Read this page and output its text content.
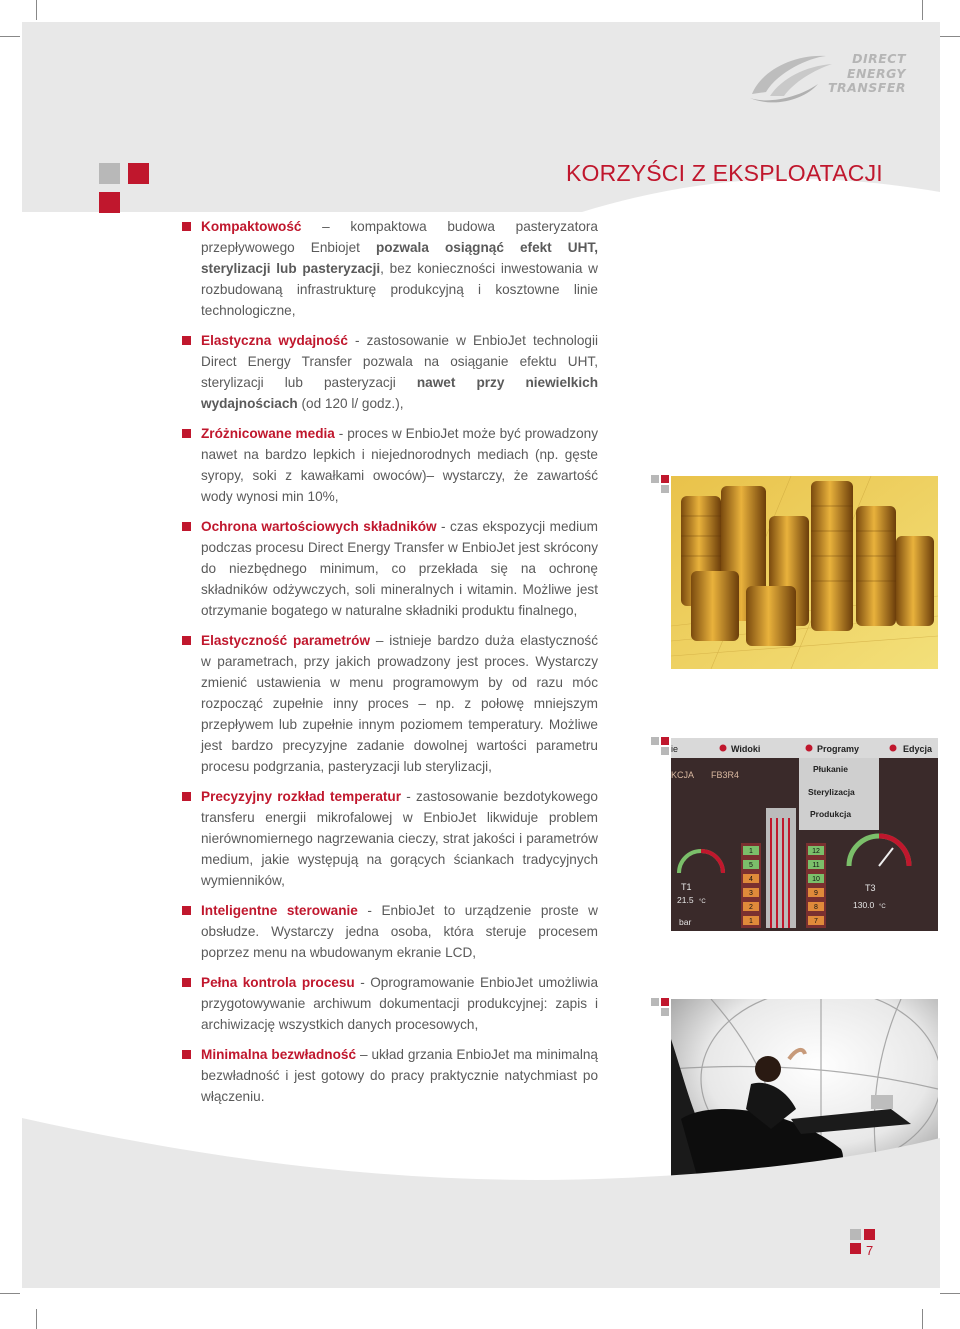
DIRECT
ENERGY
TRANSFER
KORZYŚCI Z EKSPLOATACJI
Kompaktowość – kompaktowa budowa pasteryzatora przepływowego Enbiojet pozwala osiągnąć efekt UHT, sterylizacji lub pasteryzacji, bez konieczności inwestowania w rozbudowaną infrastrukturę produkcyjną i kosztowne linie technologiczne,
Elastyczna wydajność - zastosowanie w EnbioJet technologii Direct Energy Transfer pozwala na osiąganie efektu UHT, sterylizacji lub pasteryzacji nawet przy niewielkich wydajnościach (od 120 l/ godz.),
Zróżnicowane media - proces w EnbioJet może być prowadzony nawet na bardzo lepkich i niejednorodnych mediach (np. gęste syropy, soki z kawałkami owoców)– wystarczy, że zawartość wody wynosi min 10%,
Ochrona wartościowych składników - czas ekspozycji medium podczas procesu Direct Energy Transfer w EnbioJet jest skrócony do niezbędnego minimum, co przekłada się na ochronę składników odżywczych, soli mineralnych i witamin. Możliwe jest otrzymanie bogatego w naturalne składniki produktu finalnego,
Elastyczność parametrów – istnieje bardzo duża elastyczność w parametrach, przy jakich prowadzony jest proces. Wystarczy zmienić ustawienia w menu programowym by od razu móc rozpocząć zupełnie inny proces – np. z połowę mniejszym przepływem lub zupełnie innym poziomem temperatury. Możliwe jest bardzo precyzyjne zadanie dowolnej wartości parametru procesu podgrzania, pasteryzacji lub sterylizacji,
Precyzyjny rozkład temperatur - zastosowanie bezdotykowego transferu energii mikrofalowej w EnbioJet likwiduje problem nierównomiernego nagrzewania cieczy, strat jakości i parametrów medium, jakie występują na gorących ściankach tradycyjnych wymienników,
Inteligentne sterowanie - EnbioJet to urządzenie proste w obsłudze. Wystarczy jedna osoba, która steruje procesem poprzez menu na wbudowanym ekranie LCD,
Pełna kontrola procesu - Oprogramowanie EnbioJet umożliwia przygotowywanie archiwum dokumentacji produkcyjnej: zapis i archiwizację wszystkich danych procesowych,
Minimalna bezwładność – układ grzania EnbioJet ma minimalną bezwładność i jest gotowy do pracy praktycznie natychmiast po włączeniu.
ie	Widoki	Programy	Edycja
KCJA FB3R4
Płukanie
Sterylizacja
Produkcja
1
5
4
3
2
1
12
11
10
9
8
7
T1
21.5 °C
bar
T3
130.0 °C
7
